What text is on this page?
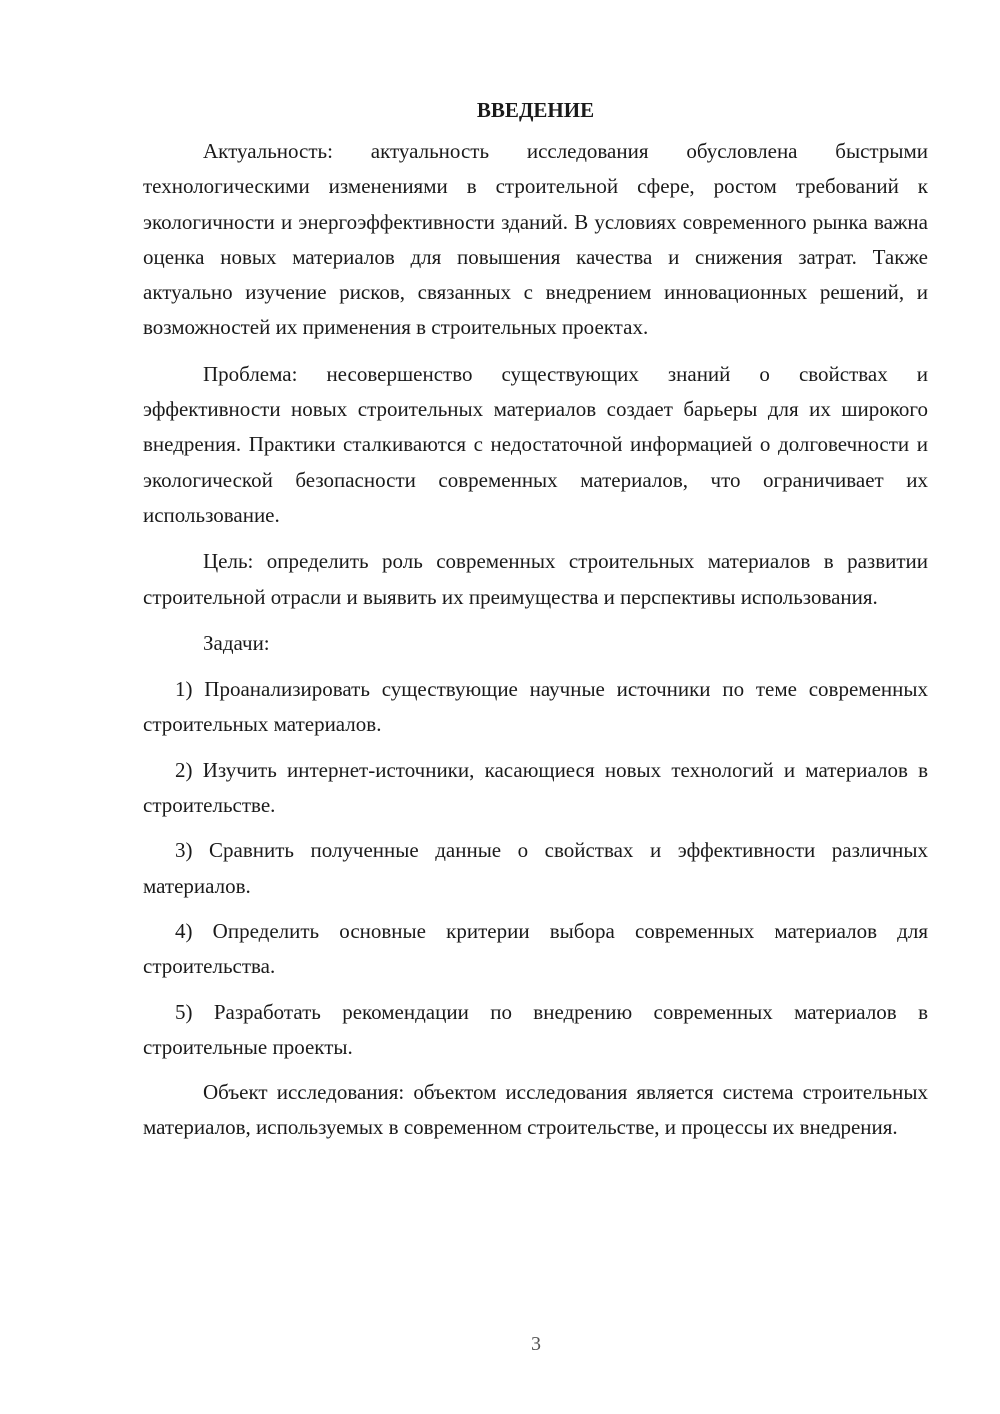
ВВЕДЕНИЕ

Актуальность: актуальность исследования обусловлена быстрыми технологическими изменениями в строительной сфере, ростом требований к экологичности и энергоэффективности зданий. В условиях современного рынка важна оценка новых материалов для повышения качества и снижения затрат. Также актуально изучение рисков, связанных с внедрением инновационных решений, и возможностей их применения в строительных проектах.

Проблема: несовершенство существующих знаний о свойствах и эффективности новых строительных материалов создает барьеры для их широкого внедрения. Практики сталкиваются с недостаточной информацией о долговечности и экологической безопасности современных материалов, что ограничивает их использование.

Цель: определить роль современных строительных материалов в развитии строительной отрасли и выявить их преимущества и перспективы использования.

Задачи:

1) Проанализировать существующие научные источники по теме современных строительных материалов.

2) Изучить интернет-источники, касающиеся новых технологий и материалов в строительстве.

3) Сравнить полученные данные о свойствах и эффективности различных материалов.

4) Определить основные критерии выбора современных материалов для строительства.

5) Разработать рекомендации по внедрению современных материалов в строительные проекты.

Объект исследования: объектом исследования является система строительных материалов, используемых в современном строительстве, и процессы их внедрения.

3
